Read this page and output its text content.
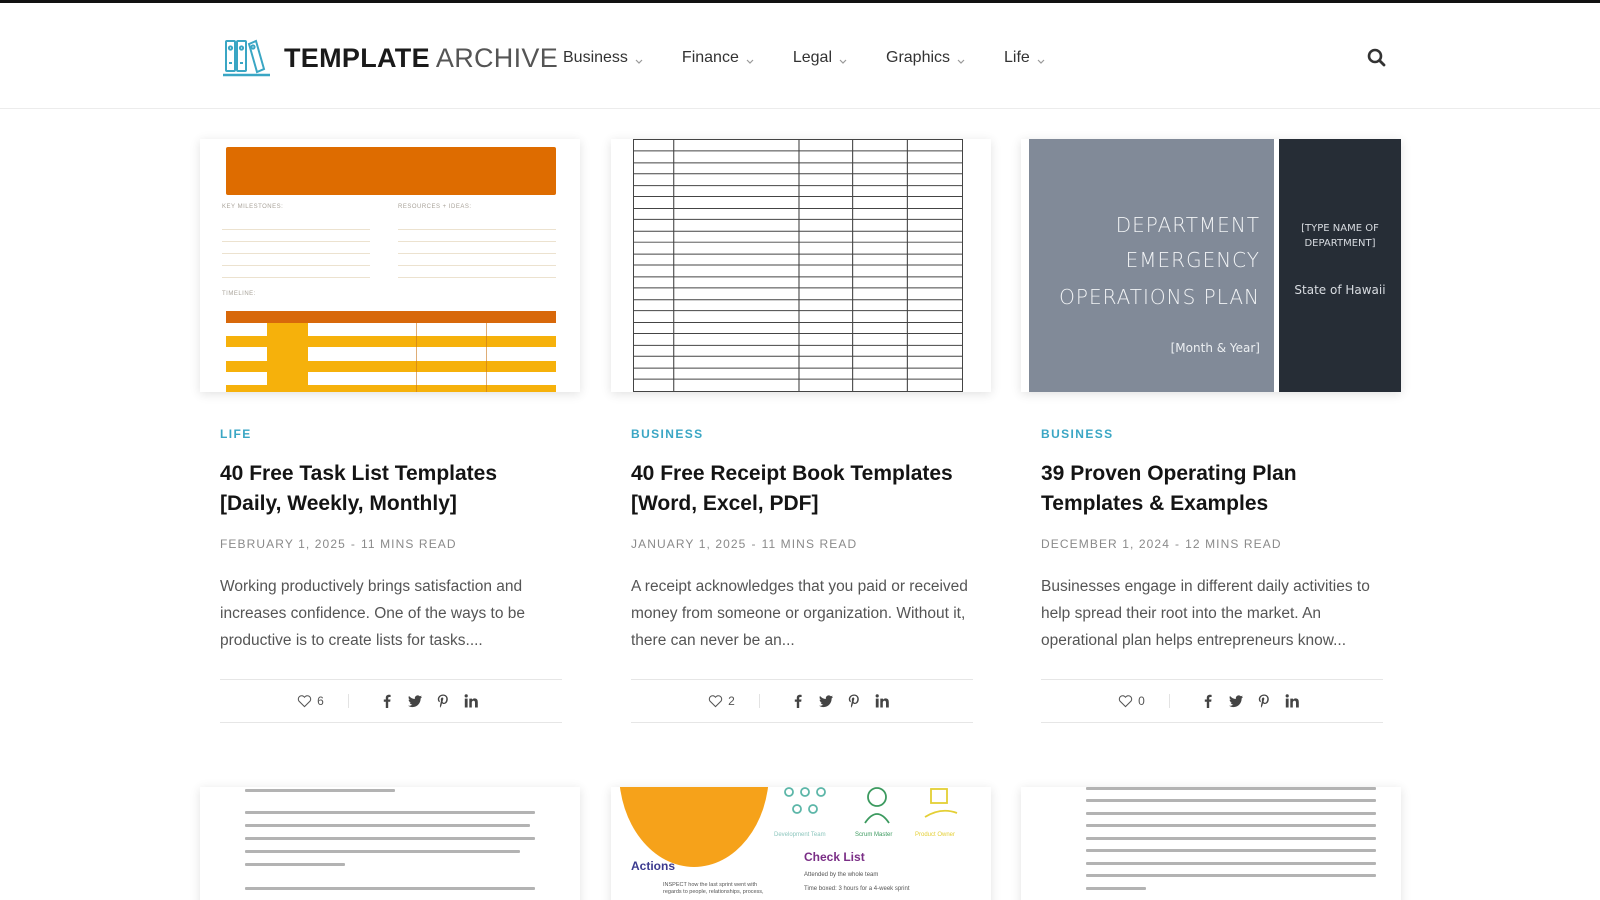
TEMPLATE ARCHIVE Business	Finance	Legal	Graphics	Life
KEY MILESTONES:	RESOURCES + IDEAS:
TIMELINE:
LIFE
40 Free Task List Templates [Daily, Weekly, Monthly]
FEBRUARY 1, 2025 - 11 MINS READ

Working productively brings satisfaction and increases confidence. One of the ways to be productive is to create lists for tasks....

6
BUSINESS
40 Free Receipt Book Templates [Word, Excel, PDF]
JANUARY 1, 2025 - 11 MINS READ

A receipt acknowledges that you paid or received money from someone or organization. Without it, there can never be an...

2
DEPARTMENT
EMERGENCY
OPERATIONS PLAN
[Month & Year]
[TYPE NAME OF
DEPARTMENT]
State of Hawaii
BUSINESS
39 Proven Operating Plan Templates & Examples
DECEMBER 1, 2024 - 12 MINS READ

Businesses engage in different daily activities to help spread their root into the market. An operational plan helps entrepreneurs know...

0
Development Team	Scrum Master	Product Owner
Check List
Attended by the whole team
Time boxed: 3 hours for a 4-week sprint
Actions
INSPECT how the last sprint went with regards to people, relationships, process,
